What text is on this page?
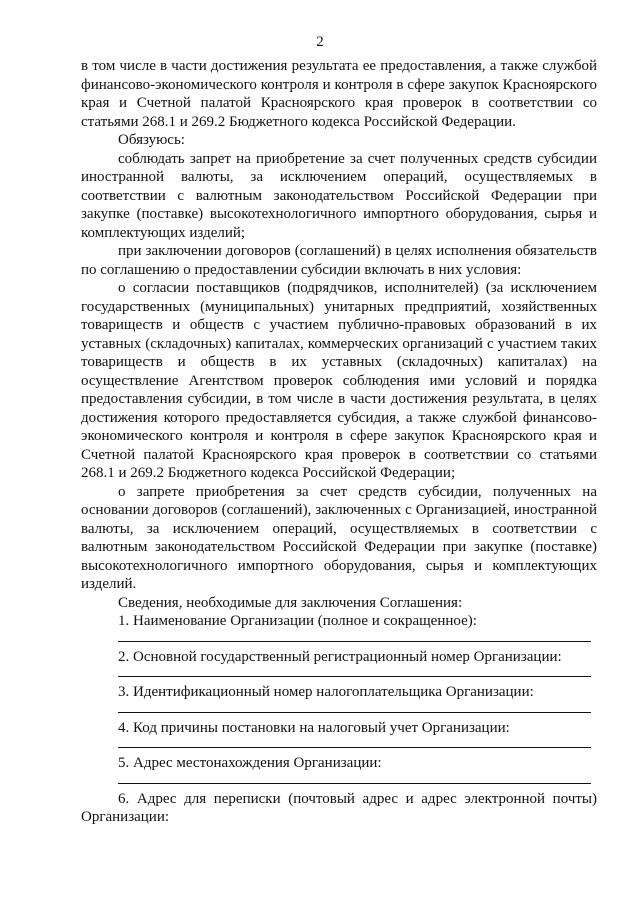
2

в том числе в части достижения результата ее предоставления, а также службой финансово-экономического контроля и контроля в сфере закупок Красноярского края и Счетной палатой Красноярского края проверок в соответствии со статьями 268.1 и 269.2 Бюджетного кодекса Российской Федерации.

Обязуюсь:

соблюдать запрет на приобретение за счет полученных средств субсидии иностранной валюты, за исключением операций, осуществляемых в соответствии с валютным законодательством Российской Федерации при закупке (поставке) высокотехнологичного импортного оборудования, сырья и комплектующих изделий;

при заключении договоров (соглашений) в целях исполнения обязательств по соглашению о предоставлении субсидии включать в них условия:

о согласии поставщиков (подрядчиков, исполнителей) (за исключением государственных (муниципальных) унитарных предприятий, хозяйственных товариществ и обществ с участием публично-правовых образований в их уставных (складочных) капиталах, коммерческих организаций с участием таких товариществ и обществ в их уставных (складочных) капиталах) на осуществление Агентством проверок соблюдения ими условий и порядка предоставления субсидии, в том числе в части достижения результата, в целях достижения которого предоставляется субсидия, а также службой финансово-экономического контроля и контроля в сфере закупок Красноярского края и Счетной палатой Красноярского края проверок в соответствии со статьями 268.1 и 269.2 Бюджетного кодекса Российской Федерации;

о запрете приобретения за счет средств субсидии, полученных на основании договоров (соглашений), заключенных с Организацией, иностранной валюты, за исключением операций, осуществляемых в соответствии с валютным законодательством Российской Федерации при закупке (поставке) высокотехнологичного импортного оборудования, сырья и комплектующих изделий.

Сведения, необходимые для заключения Соглашения:

1. Наименование Организации (полное и сокращенное):

2. Основной государственный регистрационный номер Организации:

3. Идентификационный номер налогоплательщика Организации:

4. Код причины постановки на налоговый учет Организации:

5. Адрес местонахождения Организации:

6. Адрес для переписки (почтовый адрес и адрес электронной почты) Организации:
